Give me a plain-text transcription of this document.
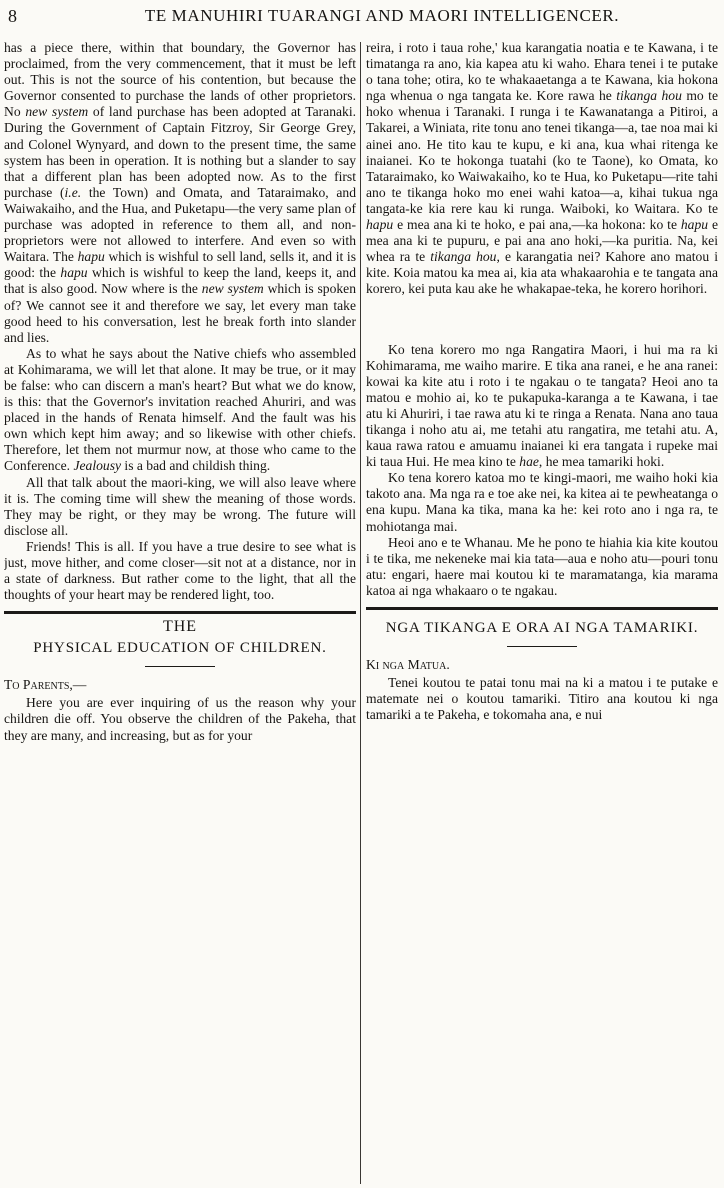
8	TE MANUHIRI TUARANGI AND MAORI INTELLIGENCER.

has a piece there, within that boundary, the Governor has proclaimed, from the very commencement, that it must be left out. This is not the source of his contention, but because the Governor consented to purchase the lands of other proprietors. No new system of land purchase has been adopted at Taranaki. During the Government of Captain Fitzroy, Sir George Grey, and Colonel Wynyard, and down to the present time, the same system has been in operation. It is nothing but a slander to say that a different plan has been adopted now. As to the first purchase (i.e. the Town) and Omata, and Tataraimako, and Waiwakaiho, and the Hua, and Puketapu—the very same plan of purchase was adopted in reference to them all, and non-proprietors were not allowed to interfere. And even so with Waitara. The hapu which is wishful to sell land, sells it, and it is good: the hapu which is wishful to keep the land, keeps it, and that is also good. Now where is the new system which is spoken of? We cannot see it and therefore we say, let every man take good heed to his conversation, lest he break forth into slander and lies.

As to what he says about the Native chiefs who assembled at Kohimarama, we will let that alone. It may be true, or it may be false: who can discern a man's heart? But what we do know, is this: that the Governor's invitation reached Ahuriri, and was placed in the hands of Renata himself. And the fault was his own which kept him away; and so likewise with other chiefs. Therefore, let them not murmur now, at those who came to the Conference. Jealousy is a bad and childish thing.

All that talk about the maori-king, we will also leave where it is. The coming time will shew the meaning of those words. They may be right, or they may be wrong. The future will disclose all.

Friends! This is all. If you have a true desire to see what is just, move hither, and come closer—sit not at a distance, nor in a state of darkness. But rather come to the light, that all the thoughts of your heart may be rendered light, too.

THE
PHYSICAL EDUCATION OF CHILDREN.

To Parents,—

Here you are ever inquiring of us the reason why your children die off. You observe the children of the Pakeha, that they are many, and increasing, but as for your

reira, i roto i taua rohe,' kua karangatia noatia e te Kawana, i te timatanga ra ano, kia kapea atu ki waho. Ehara tenei i te putake o tana tohe; otira, ko te whakaaetanga a te Kawana, kia hokona nga whenua o nga tangata ke. Kore rawa he tikanga hou mo te hoko whenua i Taranaki. I runga i te Kawanatanga a Pitiroi, a Takarei, a Winiata, rite tonu ano tenei tikanga—a, tae noa mai ki ainei ano. He tito kau te kupu, e ki ana, kua whai ritenga ke inaianei. Ko te hokonga tuatahi (ko te Taone), ko Omata, ko Tataraimako, ko Waiwakaiho, ko te Hua, ko Puketapu—rite tahi ano te tikanga hoko mo enei wahi katoa—a, kihai tukua nga tangata-ke kia rere kau ki runga. Waiboki, ko Waitara. Ko te hapu e mea ana ki te hoko, e pai ana,—ka hokona: ko te hapu e mea ana ki te pupuru, e pai ana ano hoki,—ka puritia. Na, kei whea ra te tikanga hou, e karangatia nei? Kahore ano matou i kite. Koia matou ka mea ai, kia ata whakaarohia e te tangata ana korero, kei puta kau ake he whakapae-teka, he korero horihori.

Ko tena korero mo nga Rangatira Maori, i hui ma ra ki Kohimarama, me waiho marire. E tika ana ranei, e he ana ranei: kowai ka kite atu i roto i te ngakau o te tangata? Heoi ano ta matou e mohio ai, ko te pukapuka-karanga a te Kawana, i tae atu ki Ahuriri, i tae rawa atu ki te ringa a Renata. Nana ano taua tikanga i noho atu ai, me tetahi atu rangatira, me tetahi atu. A, kaua rawa ratou e amuamu inaianei ki era tangata i rupeke mai ki taua Hui. He mea kino te hae, he mea tamariki hoki.

Ko tena korero katoa mo te kingi-maori, me waiho hoki kia takoto ana. Ma nga ra e toe ake nei, ka kitea ai te pewheatanga o ena kupu. Mana ka tika, mana ka he: kei roto ano i nga ra, te mohiotanga mai.

Heoi ano e te Whanau. Me he pono te hiahia kia kite koutou i te tika, me nekeneke mai kia tata—aua e noho atu—pouri tonu atu: engari, haere mai koutou ki te maramatanga, kia marama katoa ai nga whakaaro o te ngakau.

NGA TIKANGA E ORA AI NGA TAMARIKI.

Ki nga Matua.

Tenei koutou te patai tonu mai na ki a matou i te putake e matemate nei o koutou tamariki. Titiro ana koutou ki nga tamariki a te Pakeha, e tokomaha ana, e nui
